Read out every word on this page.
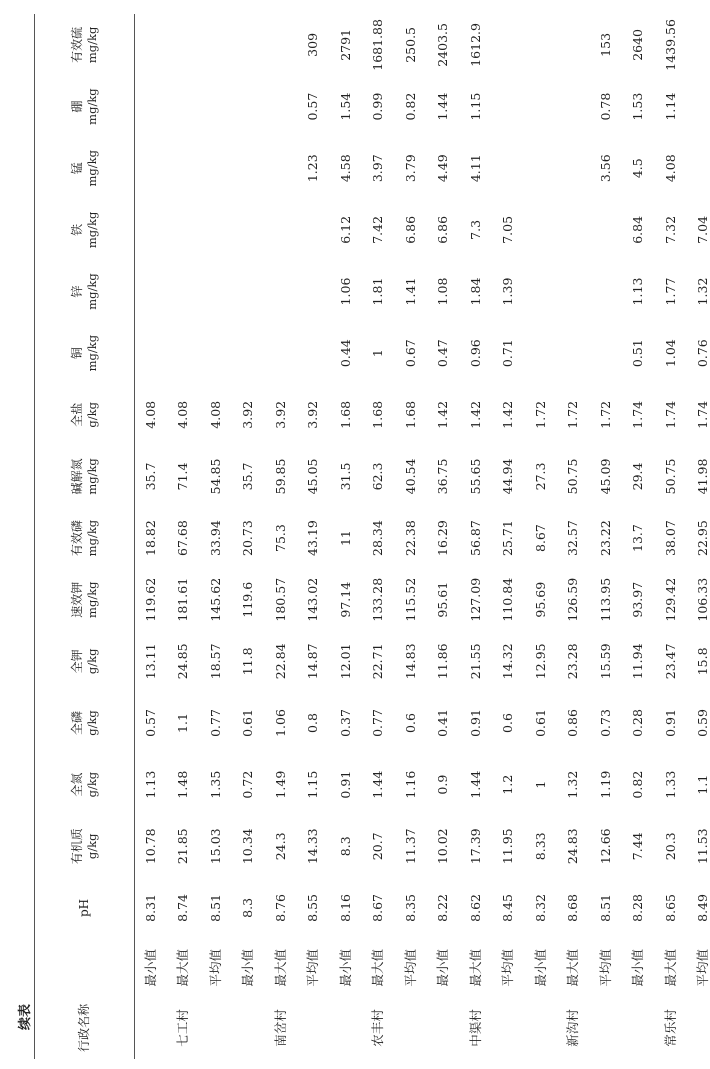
续表	行政名称		pH	有机质 g/kg	全氮 g/kg	全磷 g/kg	全钾 g/kg	速效钾 mg/kg	有效磷 mg/kg	碱解氮 mg/kg	全盐 g/kg	铜 mg/kg	锌 mg/kg	铁 mg/kg	锰 mg/kg	硼 mg/kg	有效硫 mg/kg

七工村	最小值	8.31	10.78	1.13	0.57	13.11	119.62	18.82	35.7	4.08						
	最大值	8.74	21.85	1.48	1.1	24.85	181.61	67.68	71.4	4.08						
	平均值	8.51	15.03	1.35	0.77	18.57	145.62	33.94	54.85	4.08						
南岔村	最小值	8.3	10.34	0.72	0.61	11.8	119.6	20.73	35.7	3.92						
	最大值	8.76	24.3	1.49	1.06	22.84	180.57	75.3	59.85	3.92						
	平均值	8.55	14.33	1.15	0.8	14.87	143.02	43.19	45.05	3.92				1.23	0.57	309
农丰村	最小值	8.16	8.3	0.91	0.37	12.01	97.14	11	31.5	1.68	0.44	1.06	6.12	4.58	1.54	2791
	最大值	8.67	20.7	1.44	0.77	22.71	133.28	28.34	62.3	1.68	1	1.81	7.42	3.97	0.99	1681.88
	平均值	8.35	11.37	1.16	0.6	14.83	115.52	22.38	40.54	1.68	0.67	1.41	6.86	3.79	0.82	250.5
中渠村	最小值	8.22	10.02	0.9	0.41	11.86	95.61	16.29	36.75	1.42	0.47	1.08	6.86	4.49	1.44	2403.5
	最大值	8.62	17.39	1.44	0.91	21.55	127.09	56.87	55.65	1.42	0.96	1.84	7.3	4.11	1.15	1612.9
	平均值	8.45	11.95	1.2	0.6	14.32	110.84	25.71	44.94	1.42	0.71	1.39	7.05			
新沟村	最小值	8.32	8.33	1	0.61	12.95	95.69	8.67	27.3	1.72						
	最大值	8.68	24.83	1.32	0.86	23.28	126.59	32.57	50.75	1.72						
	平均值	8.51	12.66	1.19	0.73	15.59	113.95	23.22	45.09	1.72				3.56	0.78	153
常乐村	最小值	8.28	7.44	0.82	0.28	11.94	93.97	13.7	29.4	1.74	0.51	1.13	6.84	4.5	1.53	2640
	最大值	8.65	20.3	1.33	0.91	23.47	129.42	38.07	50.75	1.74	1.04	1.77	7.32	4.08	1.14	1439.56
	平均值	8.49	11.53	1.1	0.59	15.8	106.33	22.95	41.98	1.74	0.76	1.32	7.04			
